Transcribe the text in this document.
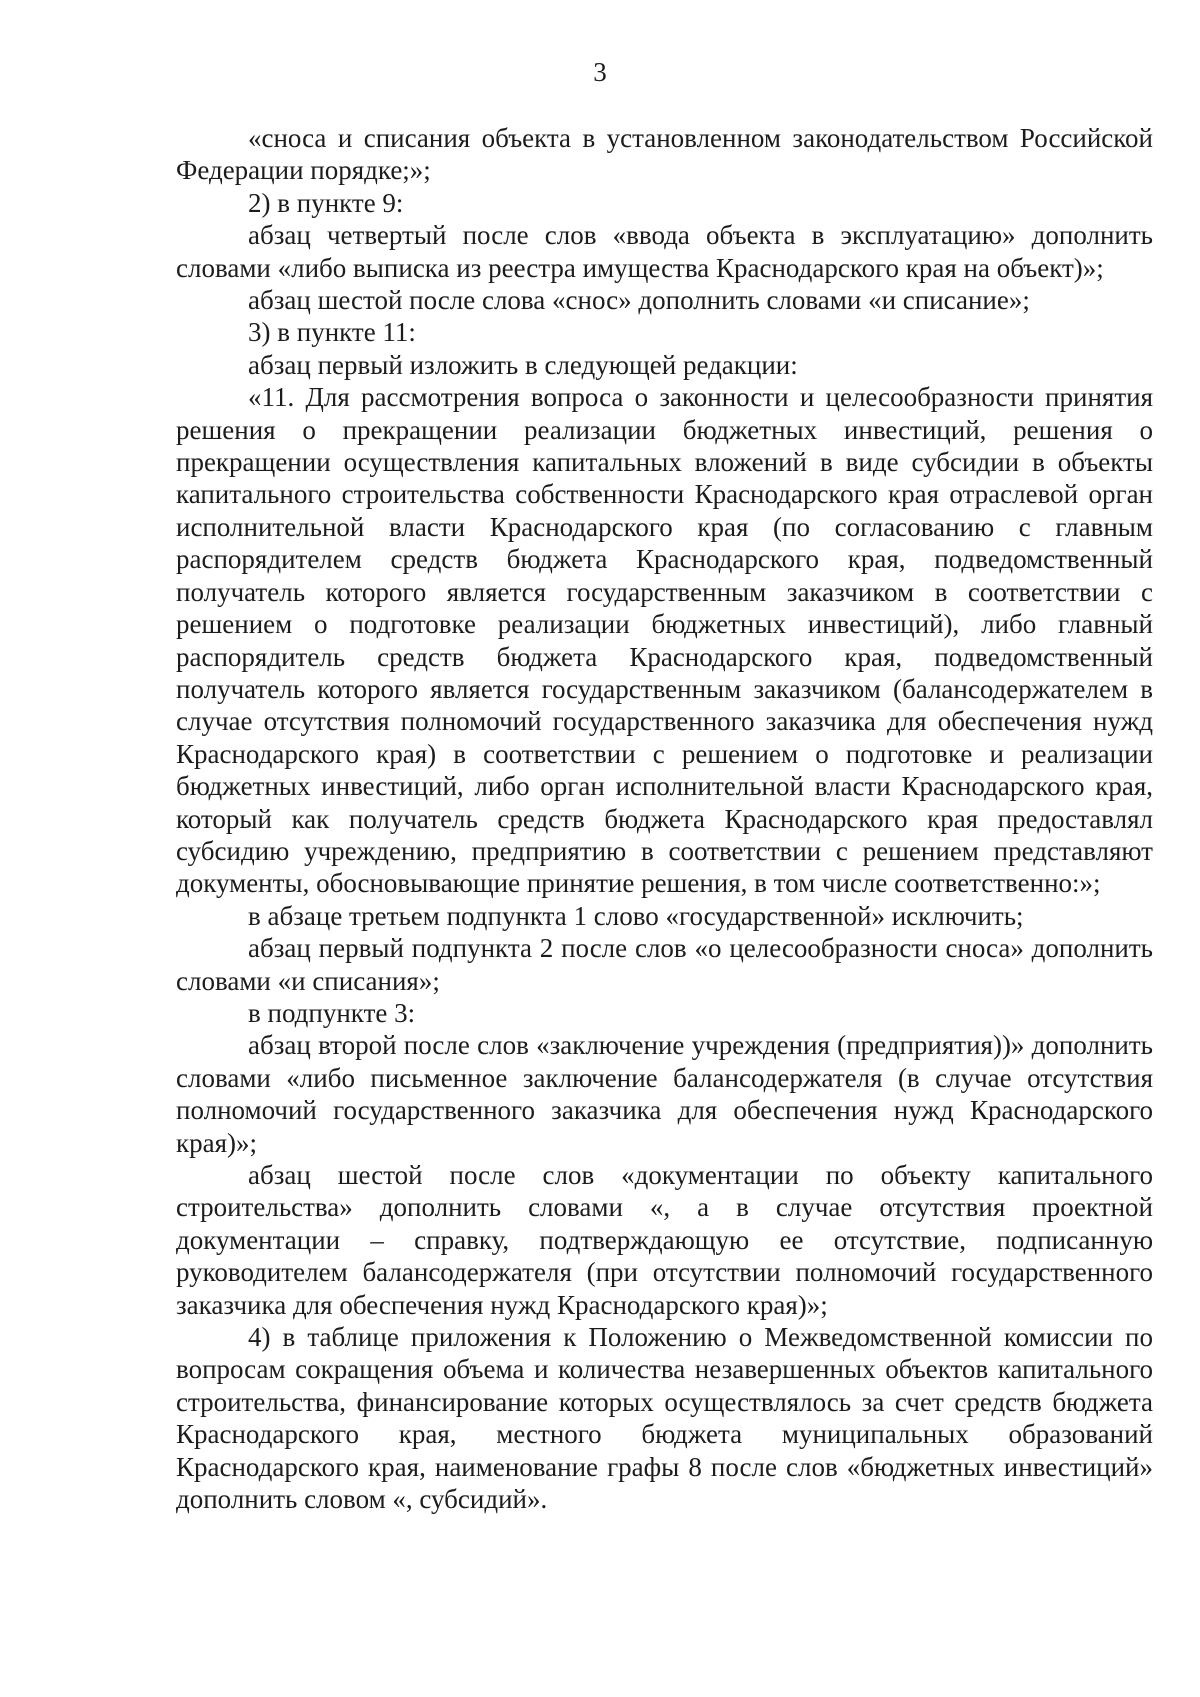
3

«сноса и списания объекта в установленном законодательством Российской Федерации порядке;»;

2) в пункте 9:

абзац четвертый после слов «ввода объекта в эксплуатацию» дополнить словами «либо выписка из реестра имущества Краснодарского края на объект)»;

абзац шестой после слова «снос» дополнить словами «и списание»;

3) в пункте 11:

абзац первый изложить в следующей редакции:

«11. Для рассмотрения вопроса о законности и целесообразности принятия решения о прекращении реализации бюджетных инвестиций, решения о прекращении осуществления капитальных вложений в виде субсидии в объекты капитального строительства собственности Краснодарского края отраслевой орган исполнительной власти Краснодарского края (по согласованию с главным распорядителем средств бюджета Краснодарского края, подведомственный получатель которого является государственным заказчиком в соответствии с решением о подготовке реализации бюджетных инвестиций), либо главный распорядитель средств бюджета Краснодарского края, подведомственный получатель которого является государственным заказчиком (балансодержателем в случае отсутствия полномочий государственного заказчика для обеспечения нужд Краснодарского края) в соответствии с решением о подготовке и реализации бюджетных инвестиций, либо орган исполнительной власти Краснодарского края, который как получатель средств бюджета Краснодарского края предоставлял субсидию учреждению, предприятию в соответствии с решением представляют документы, обосновывающие принятие решения, в том числе соответственно:»;

в абзаце третьем подпункта 1 слово «государственной» исключить;

абзац первый подпункта 2 после слов «о целесообразности сноса» дополнить словами «и списания»;

в подпункте 3:

абзац второй после слов «заключение учреждения (предприятия))» дополнить словами «либо письменное заключение балансодержателя (в случае отсутствия полномочий государственного заказчика для обеспечения нужд Краснодарского края)»;

абзац шестой после слов «документации по объекту капитального строительства» дополнить словами «, а в случае отсутствия проектной документации – справку, подтверждающую ее отсутствие, подписанную руководителем балансодержателя (при отсутствии полномочий государственного заказчика для обеспечения нужд Краснодарского края)»;

4) в таблице приложения к Положению о Межведомственной комиссии по вопросам сокращения объема и количества незавершенных объектов капитального строительства, финансирование которых осуществлялось за счет средств бюджета Краснодарского края, местного бюджета муниципальных образований Краснодарского края, наименование графы 8 после слов «бюджетных инвестиций» дополнить словом «, субсидий».
